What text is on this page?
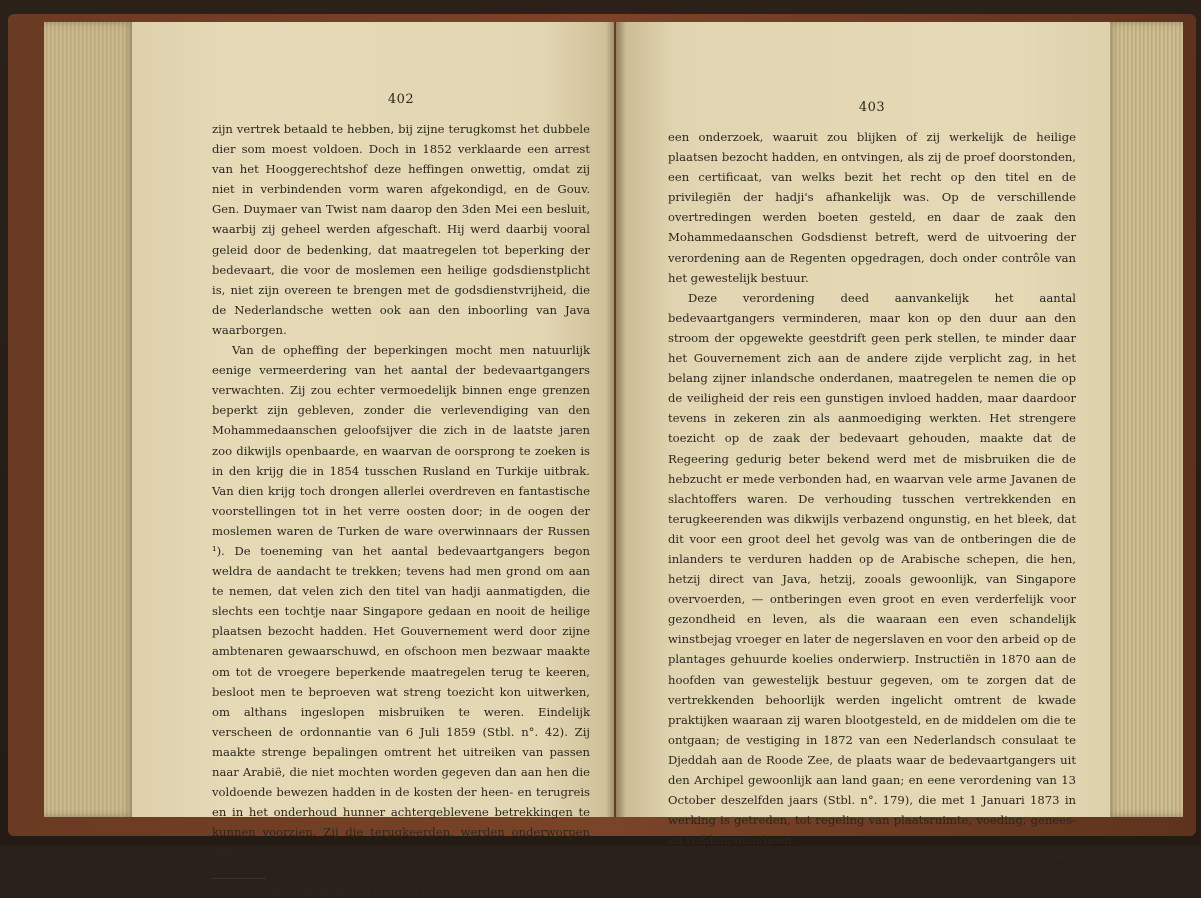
402

zijn vertrek betaald te hebben, bij zijne terugkomst het dubbele dier som moest voldoen. Doch in 1852 verklaarde een arrest van het Hooggerechtshof deze heffingen onwettig, omdat zij niet in verbindenden vorm waren afgekondigd, en de Gouv. Gen. Duymaer van Twist nam daarop den 3den Mei een besluit, waarbij zij geheel werden afgeschaft. Hij werd daarbij vooral geleid door de bedenking, dat maatregelen tot beperking der bedevaart, die voor de moslemen een heilige godsdienstplicht is, niet zijn overeen te brengen met de godsdienstvrijheid, die de Nederlandsche wetten ook aan den inboorling van Java waarborgen.

Van de opheffing der beperkingen mocht men natuurlijk eenige vermeerdering van het aantal der bedevaartgangers verwachten. Zij zou echter vermoedelijk binnen enge grenzen beperkt zijn gebleven, zonder die verlevendiging van den Mohammedaanschen geloofsijver die zich in de laatste jaren zoo dikwijls openbaarde, en waarvan de oorsprong te zoeken is in den krijg die in 1854 tusschen Rusland en Turkije uitbrak. Van dien krijg toch drongen allerlei overdreven en fantastische voorstellingen tot in het verre oosten door; in de oogen der moslemen waren de Turken de ware overwinnaars der Russen ¹). De toeneming van het aantal bedevaartgangers begon weldra de aandacht te trekken; tevens had men grond om aan te nemen, dat velen zich den titel van hadji aanmatigden, die slechts een tochtje naar Singapore gedaan en nooit de heilige plaatsen bezocht hadden. Het Gouvernement werd door zijne ambtenaren gewaarschuwd, en ofschoon men bezwaar maakte om tot de vroegere beperkende maatregelen terug te keeren, besloot men te beproeven wat streng toezicht kon uitwerken, om althans ingeslopen misbruiken te weren. Eindelijk verscheen de ordonnantie van 6 Juli 1859 (Stbl. n°. 42). Zij maakte strenge bepalingen omtrent het uitreiken van passen naar Arabië, die niet mochten worden gegeven dan aan hen die voldoende bewezen hadden in de kosten der heen- en terugreis en in het onderhoud hunner achtergeblevene betrekkingen te kunnen voorzien. Zij die terugkeerden, werden onderworpen aan

¹) Zie b.v. Wallace, Insulinde, II. 110 T. v. N. I. 1869. I. 275.
403

een onderzoek, waaruit zou blijken of zij werkelijk de heilige plaatsen bezocht hadden, en ontvingen, als zij de proef doorstonden, een certificaat, van welks bezit het recht op den titel en de privilegiën der hadji's afhankelijk was. Op de verschillende overtredingen werden boeten gesteld, en daar de zaak den Mohammedaanschen Godsdienst betreft, werd de uitvoering der verordening aan de Regenten opgedragen, doch onder contrôle van het gewestelijk bestuur.

Deze verordening deed aanvankelijk het aantal bedevaartgangers verminderen, maar kon op den duur aan den stroom der opgewekte geestdrift geen perk stellen, te minder daar het Gouvernement zich aan de andere zijde verplicht zag, in het belang zijner inlandsche onderdanen, maatregelen te nemen die op de veiligheid der reis een gunstigen invloed hadden, maar daardoor tevens in zekeren zin als aanmoediging werkten. Het strengere toezicht op de zaak der bedevaart gehouden, maakte dat de Regeering gedurig beter bekend werd met de misbruiken die de hebzucht er mede verbonden had, en waarvan vele arme Javanen de slachtoffers waren. De verhouding tusschen vertrekkenden en terugkeerenden was dikwijls verbazend ongunstig, en het bleek, dat dit voor een groot deel het gevolg was van de ontberingen die de inlanders te verduren hadden op de Arabische schepen, die hen, hetzij direct van Java, hetzij, zooals gewoonlijk, van Singapore overvoerden, — ontberingen even groot en even verderfelijk voor gezondheid en leven, als die waaraan een even schandelijk winstbejag vroeger en later de negerslaven en voor den arbeid op de plantages gehuurde koelies onderwierp. Instructiën in 1870 aan de hoofden van gewestelijk bestuur gegeven, om te zorgen dat de vertrekkenden behoorlijk werden ingelicht omtrent de kwade praktijken waaraan zij waren blootgesteld, en de middelen om die te ontgaan; de vestiging in 1872 van een Nederlandsch consulaat te Djeddah aan de Roode Zee, de plaats waar de bedevaartgangers uit den Archipel gewoonlijk aan land gaan; en eene verordening van 13 October deszelfden jaars (Stbl. n°. 179), die met 1 Januari 1873 in werking is getreden, tot regeling van plaatsruimte, voeding, genees- en reddingsmiddelen,

26*
